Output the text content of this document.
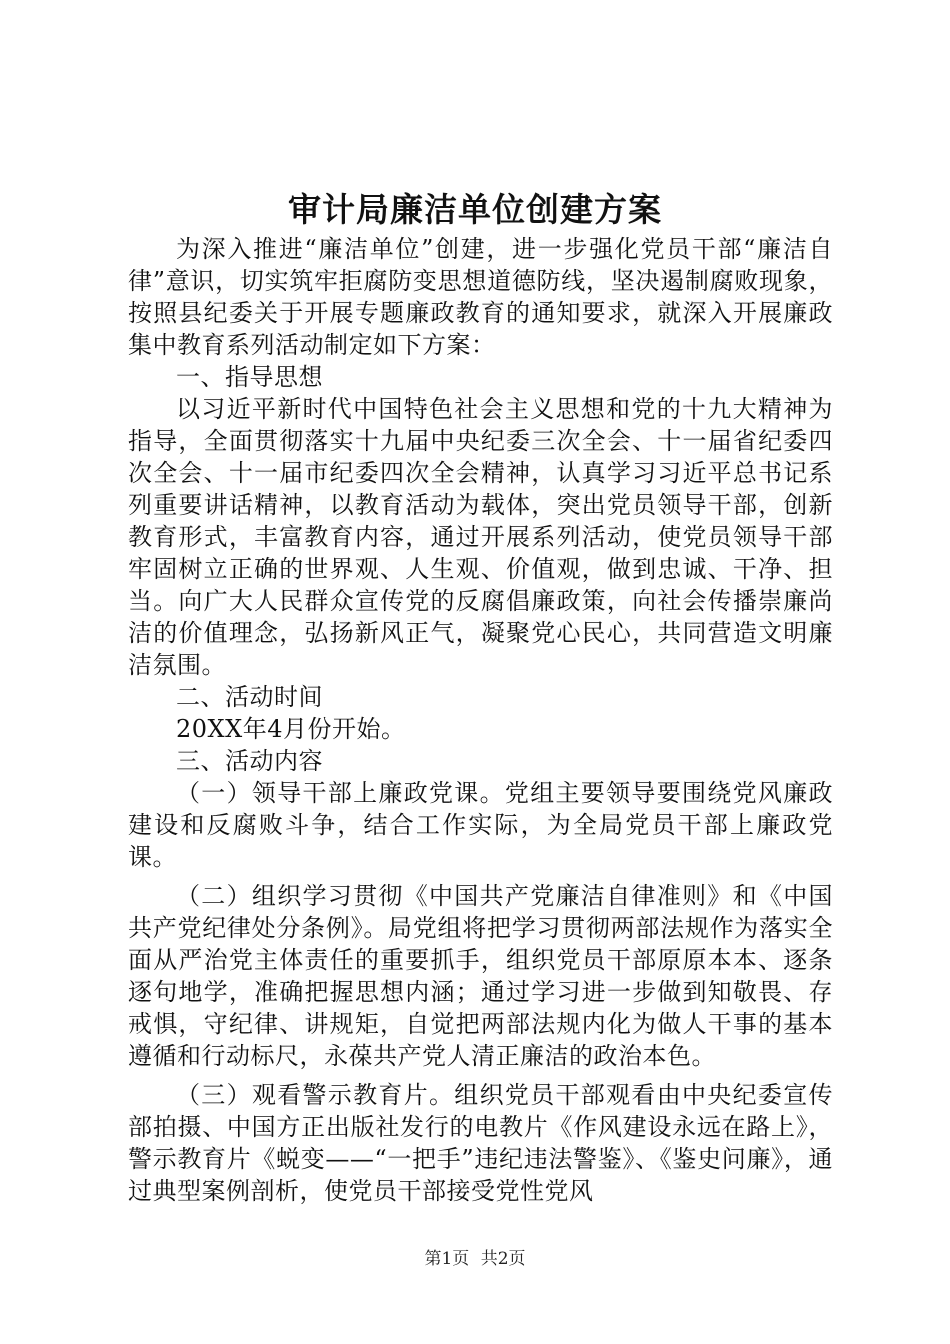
审计局廉洁单位创建方案

为深入推进“廉洁单位”创建，进一步强化党员干部“廉洁自律”意识，切实筑牢拒腐防变思想道德防线，坚决遏制腐败现象，按照县纪委关于开展专题廉政教育的通知要求，就深入开展廉政集中教育系列活动制定如下方案：

一、指导思想

以习近平新时代中国特色社会主义思想和党的十九大精神为指导，全面贯彻落实十九届中央纪委三次全会、十一届省纪委四次全会、十一届市纪委四次全会精神，认真学习习近平总书记系列重要讲话精神，以教育活动为载体，突出党员领导干部，创新教育形式，丰富教育内容，通过开展系列活动，使党员领导干部牢固树立正确的世界观、人生观、价值观，做到忠诚、干净、担当。向广大人民群众宣传党的反腐倡廉政策，向社会传播崇廉尚洁的价值理念，弘扬新风正气，凝聚党心民心，共同营造文明廉洁氛围。

二、活动时间

20XX年4月份开始。

三、活动内容

（一）领导干部上廉政党课。党组主要领导要围绕党风廉政建设和反腐败斗争，结合工作实际，为全局党员干部上廉政党课。

（二）组织学习贯彻《中国共产党廉洁自律准则》和《中国共产党纪律处分条例》。局党组将把学习贯彻两部法规作为落实全面从严治党主体责任的重要抓手，组织党员干部原原本本、逐条逐句地学，准确把握思想内涵；通过学习进一步做到知敬畏、存戒惧，守纪律、讲规矩，自觉把两部法规内化为做人干事的基本遵循和行动标尺，永葆共产党人清正廉洁的政治本色。

（三）观看警示教育片。组织党员干部观看由中央纪委宣传部拍摄、中国方正出版社发行的电教片《作风建设永远在路上》，警示教育片《蜕变——“一把手”违纪违法警鉴》、《鉴史问廉》，通过典型案例剖析，使党员干部接受党性党风

第1页 共2页
